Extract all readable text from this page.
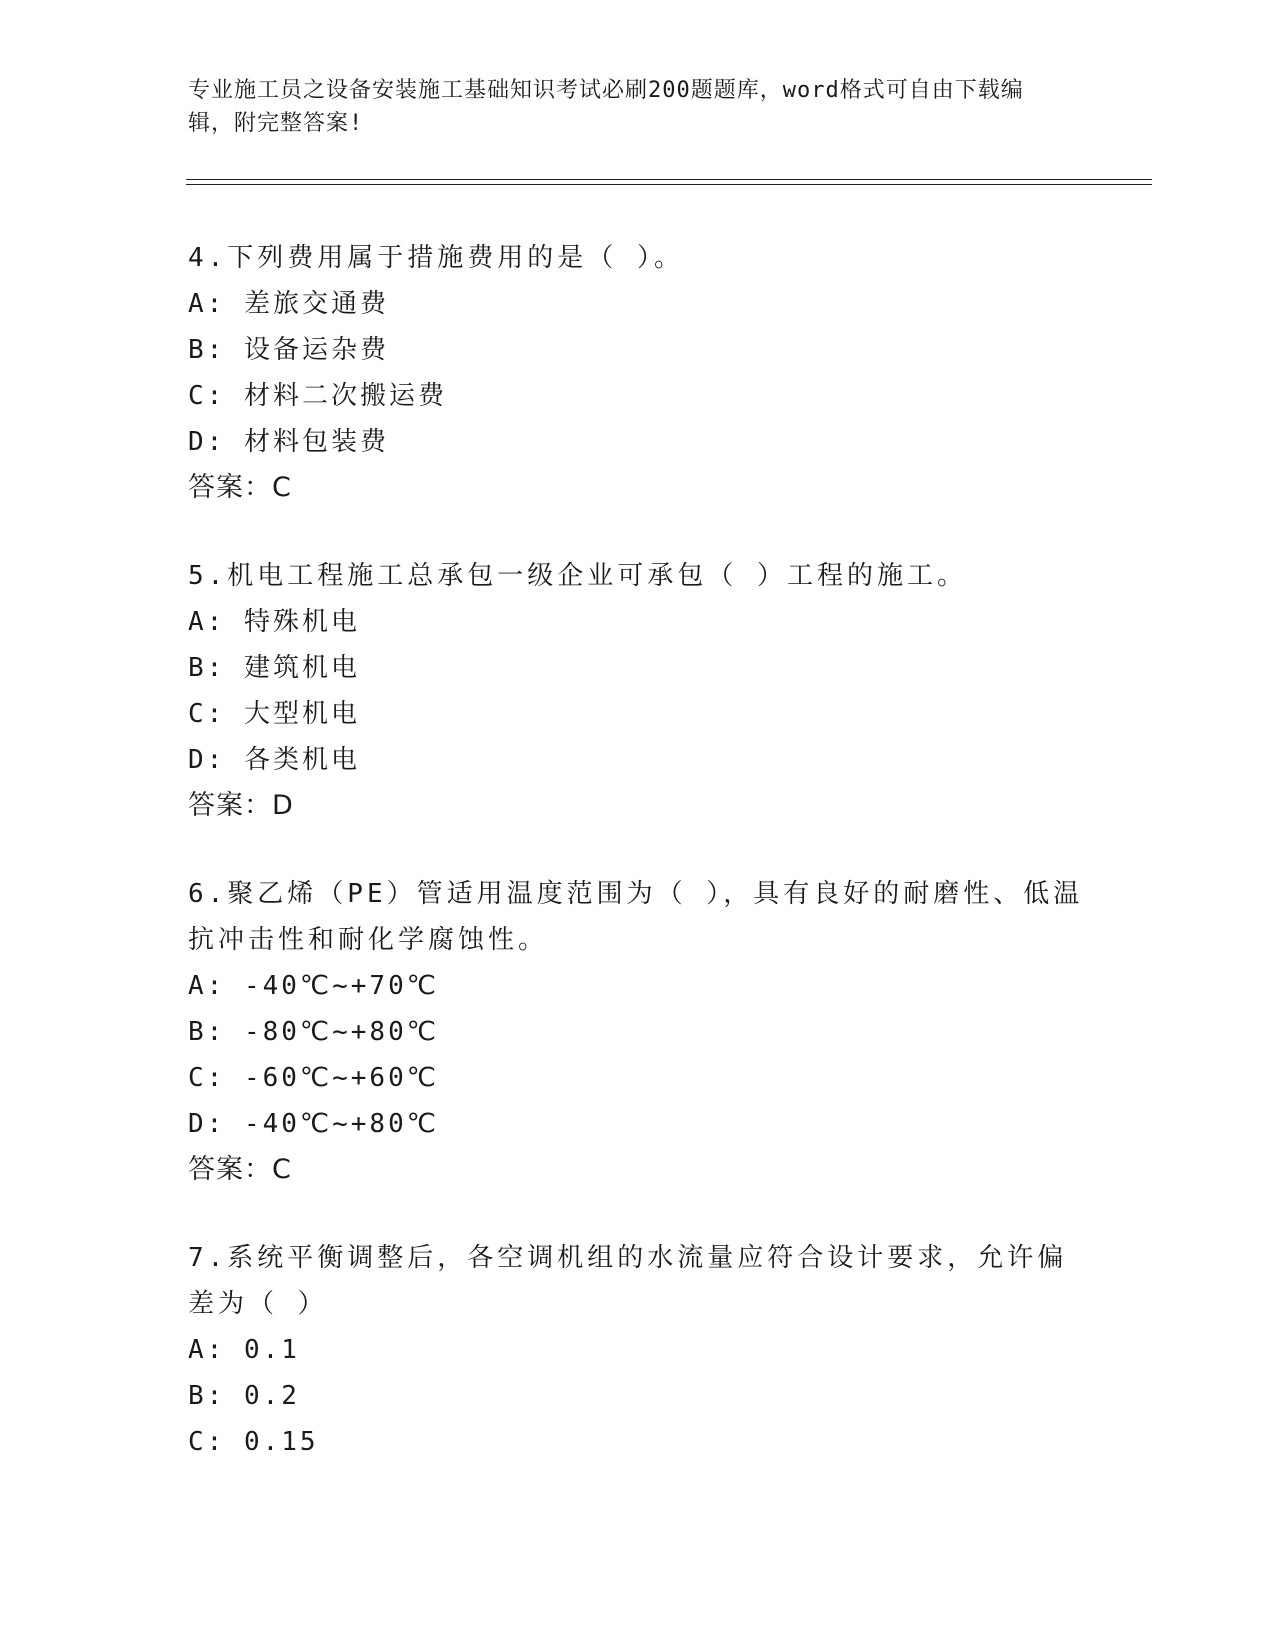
专业施工员之设备安装施工基础知识考试必刷200题题库，word格式可自由下载编辑，附完整答案!
4.下列费用属于措施费用的是（ ）。
A: 差旅交通费
B: 设备运杂费
C: 材料二次搬运费
D: 材料包装费
答案：C
5.机电工程施工总承包一级企业可承包（ ）工程的施工。
A: 特殊机电
B: 建筑机电
C: 大型机电
D: 各类机电
答案：D
6.聚乙烯（PE）管适用温度范围为（ ），具有良好的耐磨性、低温抗冲击性和耐化学腐蚀性。
A: -40℃~+70℃
B: -80℃~+80℃
C: -60℃~+60℃
D: -40℃~+80℃
答案：C
7.系统平衡调整后，各空调机组的水流量应符合设计要求，允许偏差为（ ）
A: 0.1
B: 0.2
C: 0.15
